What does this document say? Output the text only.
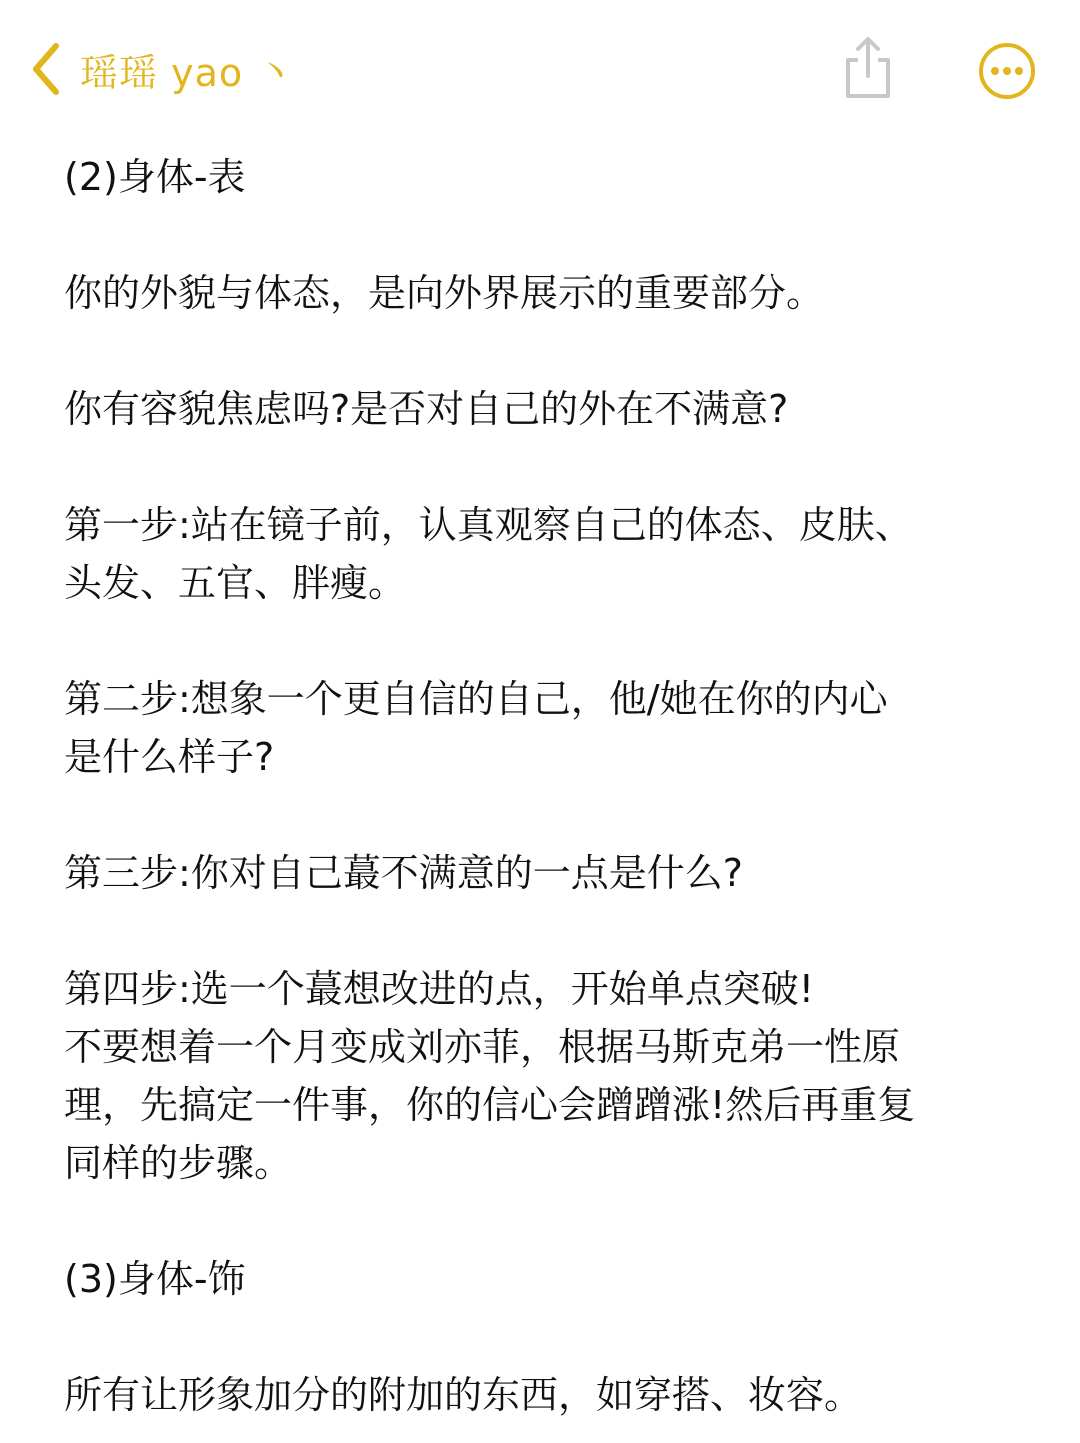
瑶瑶 yao 丶

(2)身体-表

你的外貌与体态，是向外界展示的重要部分。

你有容貌焦虑吗?是否对自己的外在不满意?

第一步:站在镜子前，认真观察自己的体态、皮肤、

头发、五官、胖瘦。

第二步:想象一个更自信的自己，他/她在你的内心

是什么样子?

第三步:你对自己蕞不满意的一点是什么?

第四步:选一个蕞想改进的点，开始单点突破!

不要想着一个月变成刘亦菲，根据马斯克弟一性原

理，先搞定一件事，你的信心会蹭蹭涨!然后再重复

同样的步骤。

(3)身体-饰

所有让形象加分的附加的东西，如穿搭、妆容。
